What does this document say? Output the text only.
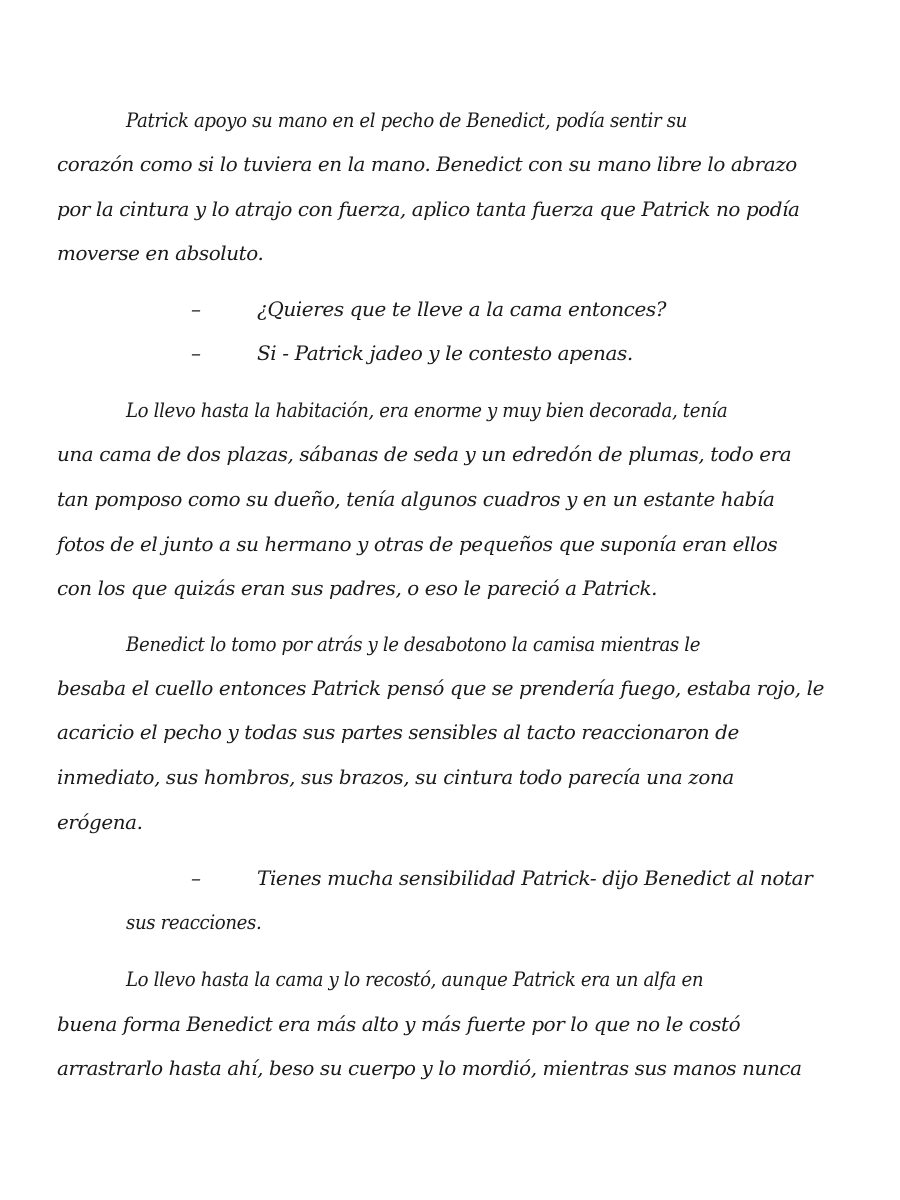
Patrick apoyo su mano en el pecho de Benedict, podía sentir su
corazón como si lo tuviera en la mano. Benedict con su mano libre lo abrazo
por la cintura y lo atrajo con fuerza, aplico tanta fuerza que Patrick no podía
moverse en absoluto.
–	¿Quieres que te lleve a la cama entonces?
–	Si - Patrick jadeo y le contesto apenas.
Lo llevo hasta la habitación, era enorme y muy bien decorada, tenía
una cama de dos plazas, sábanas de seda y un edredón de plumas, todo era
tan pomposo como su dueño, tenía algunos cuadros y en un estante había
fotos de el junto a su hermano y otras de pequeños que suponía eran ellos
con los que quizás eran sus padres, o eso le pareció a Patrick.
Benedict lo tomo por atrás y le desabotono la camisa mientras le
besaba el cuello entonces Patrick pensó que se prendería fuego, estaba rojo, le
acaricio el pecho y todas sus partes sensibles al tacto reaccionaron de
inmediato, sus hombros, sus brazos, su cintura todo parecía una zona
erógena.
–	Tienes mucha sensibilidad Patrick- dijo Benedict al notar
sus reacciones.
Lo llevo hasta la cama y lo recostó, aunque Patrick era un alfa en
buena forma Benedict era más alto y más fuerte por lo que no le costó
arrastrarlo hasta ahí, beso su cuerpo y lo mordió, mientras sus manos nunca
